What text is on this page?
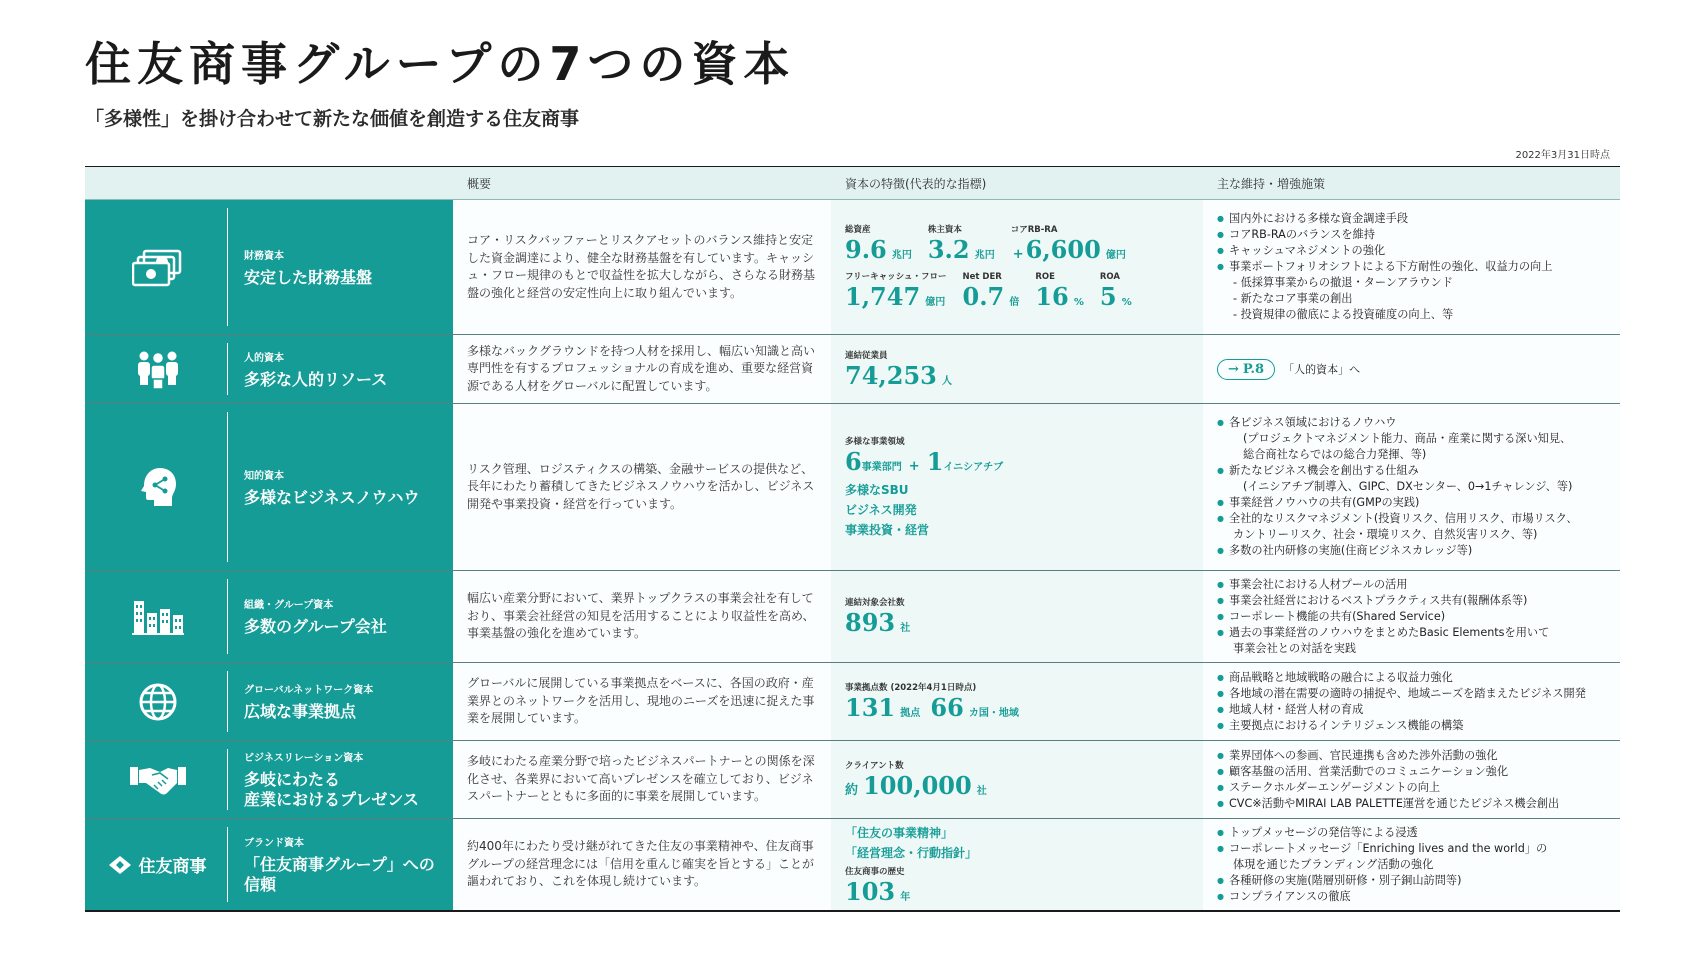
住友商事グループの7つの資本
「多様性」を掛け合わせて新たな価値を創造する住友商事
2022年3月31日時点
概要	資本の特徴(代表的な指標)	主な維持・増強施策
財務資本
安定した財務基盤
コア・リスクバッファーとリスクアセットのバランス維持と安定した資金調達により、健全な財務基盤を有しています。キャッシュ・フロー規律のもとで収益性を拡大しながら、さらなる財務基盤の強化と経営の安定性向上に取り組んでいます。
総資産
9.6 兆円
株主資本
3.2 兆円
コアRB-RA
+6,600 億円
フリーキャッシュ・フロー
1,747 億円
Net DER
0.7 倍
ROE
16 %
ROA
5 %
● 国内外における多様な資金調達手段
● コアRB-RAのバランスを維持
● キャッシュマネジメントの強化
● 事業ポートフォリオシフトによる下方耐性の強化、収益力の向上
- 低採算事業からの撤退・ターンアラウンド
- 新たなコア事業の創出
- 投資規律の徹底による投資確度の向上、等
人的資本
多彩な人的リソース
多様なバックグラウンドを持つ人材を採用し、幅広い知識と高い専門性を有するプロフェッショナルの育成を進め、重要な経営資源である人材をグローバルに配置しています。
連結従業員
74,253 人
→ P.8 「人的資本」へ
知的資本
多様なビジネスノウハウ
リスク管理、ロジスティクスの構築、金融サービスの提供など、長年にわたり蓄積してきたビジネスノウハウを活かし、ビジネス開発や事業投資・経営を行っています。
多様な事業領域
6事業部門 + 1イニシアチブ
多様なSBU
ビジネス開発
事業投資・経営
● 各ビジネス領域におけるノウハウ
(プロジェクトマネジメント能力、商品・産業に関する深い知見、
総合商社ならではの総合力発揮、等)
● 新たなビジネス機会を創出する仕組み
(イニシアチブ制導入、GIPC、DXセンター、0→1チャレンジ、等)
● 事業経営ノウハウの共有(GMPの実践)
● 全社的なリスクマネジメント(投資リスク、信用リスク、市場リスク、
カントリーリスク、社会・環境リスク、自然災害リスク、等)
● 多数の社内研修の実施(住商ビジネスカレッジ等)
組織・グループ資本
多数のグループ会社
幅広い産業分野において、業界トップクラスの事業会社を有しており、事業会社経営の知見を活用することにより収益性を高め、事業基盤の強化を進めています。
連結対象会社数
893 社
● 事業会社における人材プールの活用
● 事業会社経営におけるベストプラクティス共有(報酬体系等)
● コーポレート機能の共有(Shared Service)
● 過去の事業経営のノウハウをまとめたBasic Elementsを用いて
事業会社との対話を実践
グローバルネットワーク資本
広域な事業拠点
グローバルに展開している事業拠点をベースに、各国の政府・産業界とのネットワークを活用し、現地のニーズを迅速に捉えた事業を展開しています。
事業拠点数 (2022年4月1日時点)
131 拠点 66 カ国・地域
● 商品戦略と地域戦略の融合による収益力強化
● 各地域の潜在需要の適時の捕捉や、地域ニーズを踏まえたビジネス開発
● 地域人材・経営人材の育成
● 主要拠点におけるインテリジェンス機能の構築
ビジネスリレーション資本
多岐にわたる
産業におけるプレゼンス
多岐にわたる産業分野で培ったビジネスパートナーとの関係を深化させ、各業界において高いプレゼンスを確立しており、ビジネスパートナーとともに多面的に事業を展開しています。
クライアント数
約 100,000 社
● 業界団体への参画、官民連携も含めた渉外活動の強化
● 顧客基盤の活用、営業活動でのコミュニケーション強化
● ステークホルダーエンゲージメントの向上
● CVC※活動やMIRAI LAB PALETTE運営を通じたビジネス機会創出
住友商事
ブランド資本
「住友商事グループ」への
信頼
約400年にわたり受け継がれてきた住友の事業精神や、住友商事グループの経営理念には「信用を重んじ確実を旨とする」ことが謳われており、これを体現し続けています。
「住友の事業精神」
「経営理念・行動指針」
住友商事の歴史
103 年
● トップメッセージの発信等による浸透
● コーポレートメッセージ「Enriching lives and the world」の
体現を通じたブランディング活動の強化
● 各種研修の実施(階層別研修・別子銅山訪問等)
● コンプライアンスの徹底
